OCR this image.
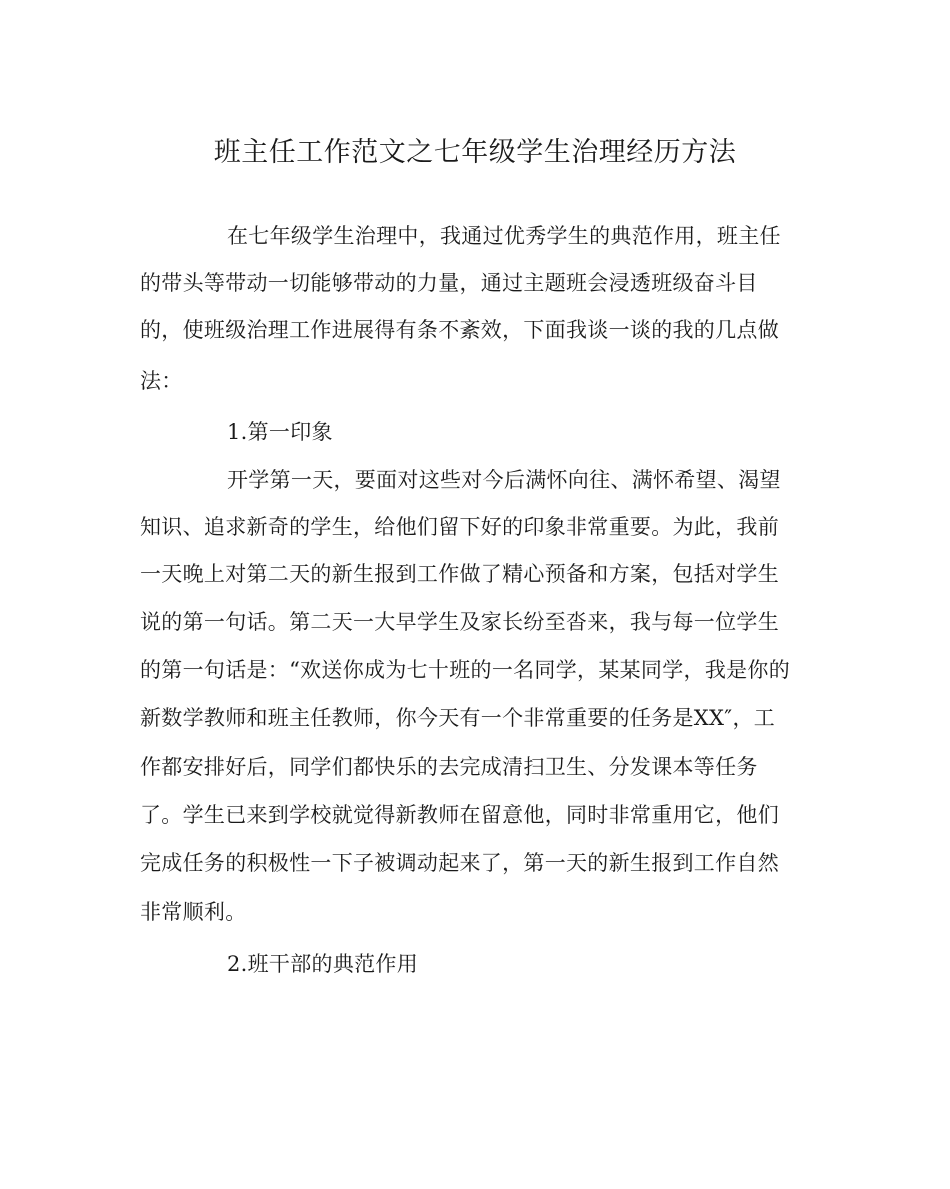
班主任工作范文之七年级学生治理经历方法
在七年级学生治理中，我通过优秀学生的典范作用，班主任
的带头等带动一切能够带动的力量，通过主题班会浸透班级奋斗目
的，使班级治理工作进展得有条不紊效，下面我谈一谈的我的几点做
法：
1.第一印象
开学第一天，要面对这些对今后满怀向往、满怀希望、渴望
知识、追求新奇的学生，给他们留下好的印象非常重要。为此，我前
一天晚上对第二天的新生报到工作做了精心预备和方案，包括对学生
说的第一句话。第二天一大早学生及家长纷至沓来，我与每一位学生
的第一句话是：“欢送你成为七十班的一名同学，某某同学，我是你的
新数学教师和班主任教师，你今天有一个非常重要的任务是XX″，工
作都安排好后，同学们都快乐的去完成清扫卫生、分发课本等任务
了。学生已来到学校就觉得新教师在留意他，同时非常重用它，他们
完成任务的积极性一下子被调动起来了，第一天的新生报到工作自然
非常顺利。
2.班干部的典范作用
